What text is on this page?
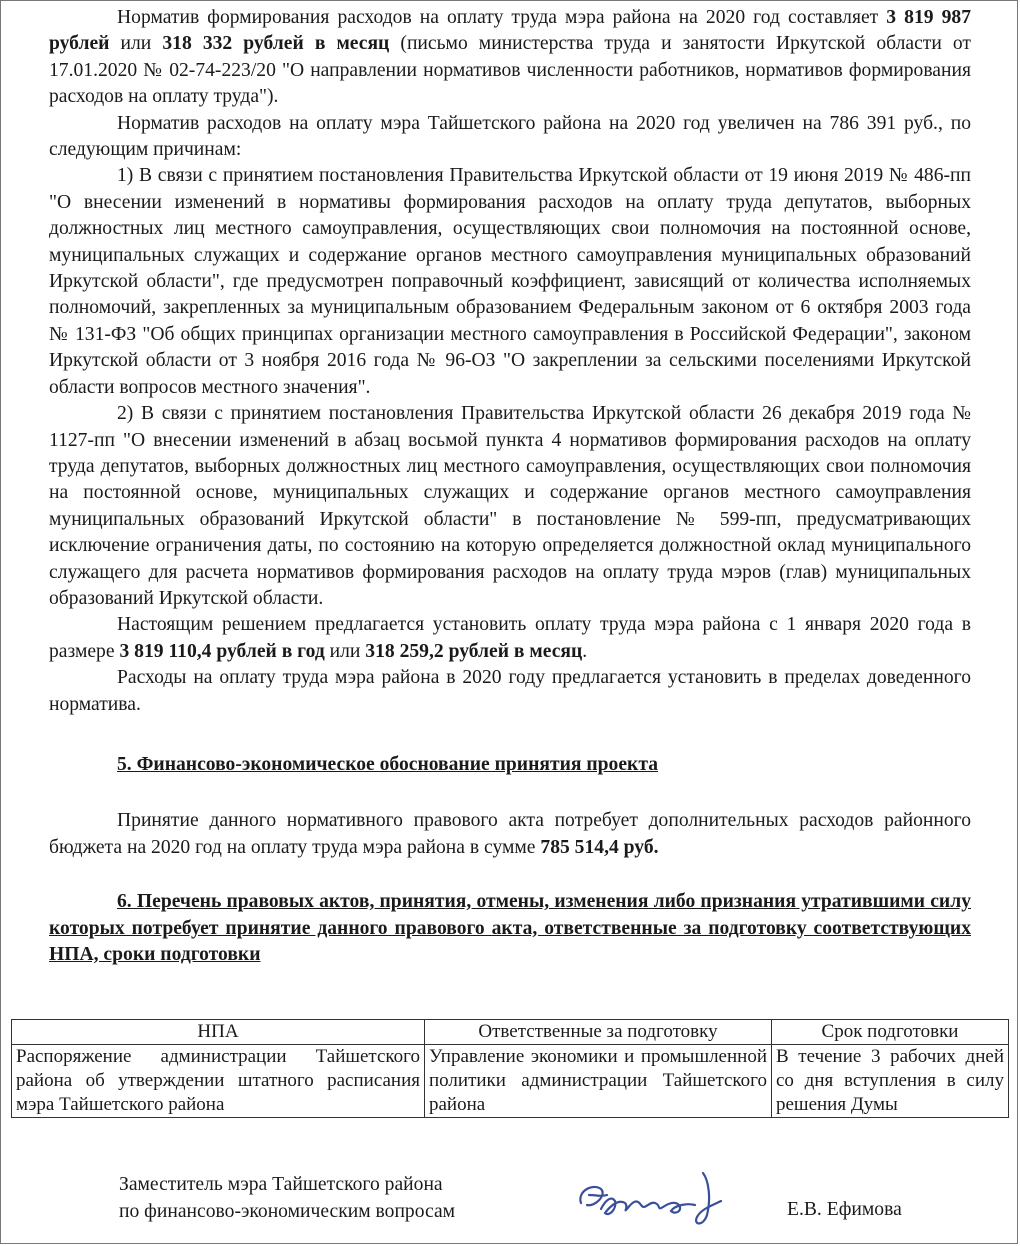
Норматив формирования расходов на оплату труда мэра района на 2020 год составляет 3 819 987 рублей или 318 332 рублей в месяц (письмо министерства труда и занятости Иркутской области от 17.01.2020 № 02-74-223/20 "О направлении нормативов численности работников, нормативов формирования расходов на оплату труда").

Норматив расходов на оплату мэра Тайшетского района на 2020 год увеличен на 786 391 руб., по следующим причинам:

1) В связи с принятием постановления Правительства Иркутской области от 19 июня 2019 № 486-пп "О внесении изменений в нормативы формирования расходов на оплату труда депутатов, выборных должностных лиц местного самоуправления, осуществляющих свои полномочия на постоянной основе, муниципальных служащих и содержание органов местного самоуправления муниципальных образований Иркутской области", где предусмотрен поправочный коэффициент, зависящий от количества исполняемых полномочий, закрепленных за муниципальным образованием Федеральным законом от 6 октября 2003 года № 131-ФЗ "Об общих принципах организации местного самоуправления в Российской Федерации", законом Иркутской области от 3 ноября 2016 года № 96-ОЗ "О закреплении за сельскими поселениями Иркутской области вопросов местного значения".

2) В связи с принятием постановления Правительства Иркутской области 26 декабря 2019 года № 1127-пп "О внесении изменений в абзац восьмой пункта 4 нормативов формирования расходов на оплату труда депутатов, выборных должностных лиц местного самоуправления, осуществляющих свои полномочия на постоянной основе, муниципальных служащих и содержание органов местного самоуправления муниципальных образований Иркутской области" в постановление № 599-пп, предусматривающих исключение ограничения даты, по состоянию на которую определяется должностной оклад муниципального служащего для расчета нормативов формирования расходов на оплату труда мэров (глав) муниципальных образований Иркутской области.

Настоящим решением предлагается установить оплату труда мэра района с 1 января 2020 года в размере 3 819 110,4 рублей в год или 318 259,2 рублей в месяц.

Расходы на оплату труда мэра района в 2020 году предлагается установить в пределах доведенного норматива.

5. Финансово-экономическое обоснование принятия проекта

Принятие данного нормативного правового акта потребует дополнительных расходов районного бюджета на 2020 год на оплату труда мэра района в сумме 785 514,4 руб.

6. Перечень правовых актов, принятия, отмены, изменения либо признания утратившими силу которых потребует принятие данного правового акта, ответственные за подготовку соответствующих НПА, сроки подготовки

НПА	Ответственные за подготовку	Срок подготовки
Распоряжение администрации Тайшетского района об утверждении штатного расписания мэра Тайшетского района	Управление экономики и промышленной политики администрации Тайшетского района	В течение 3 рабочих дней со дня вступления в силу решения Думы
Заместитель мэра Тайшетского района
по финансово-экономическим вопросам	Е.В. Ефимова
